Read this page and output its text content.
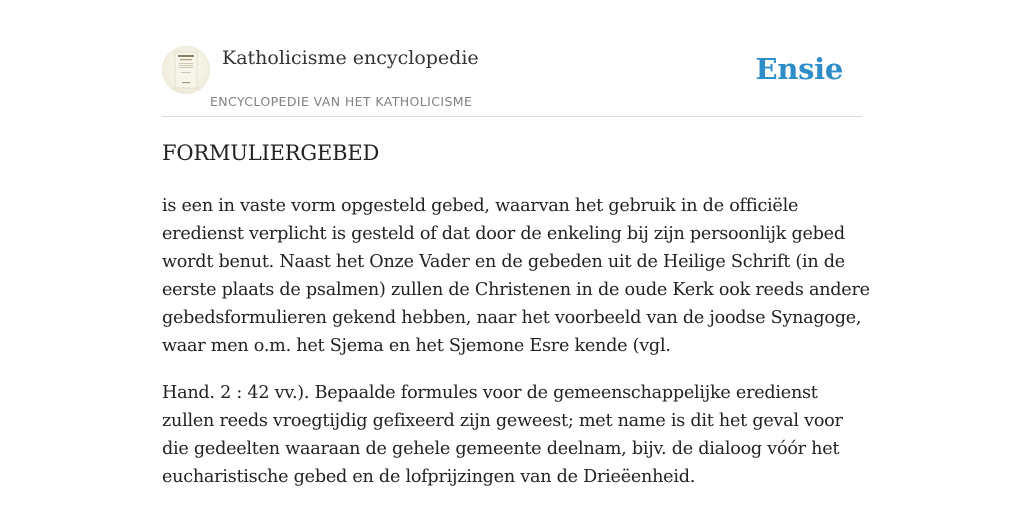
Katholicisme encyclopedie
ENCYCLOPEDIE VAN HET KATHOLICISME
Ensie
FORMULIERGEBED

is een in vaste vorm opgesteld gebed, waarvan het gebruik in de officiële
eredienst verplicht is gesteld of dat door de enkeling bij zijn persoonlijk gebed
wordt benut. Naast het Onze Vader en de gebeden uit de Heilige Schrift (in de
eerste plaats de psalmen) zullen de Christenen in de oude Kerk ook reeds andere
gebedsformulieren gekend hebben, naar het voorbeeld van de joodse Synagoge,
waar men o.m. het Sjema en het Sjemone Esre kende (vgl.

Hand. 2 : 42 vv.). Bepaalde formules voor de gemeenschappelijke eredienst
zullen reeds vroegtijdig gefixeerd zijn geweest; met name is dit het geval voor
die gedeelten waaraan de gehele gemeente deelnam, bijv. de dialoog vóór het
eucharistische gebed en de lofprijzingen van de Drieëenheid.
